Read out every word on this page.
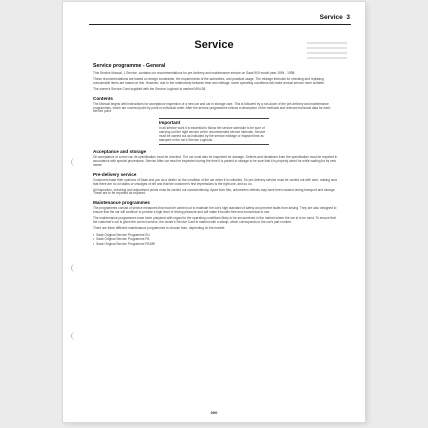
Service 3
Service
Service programme - General

This Service Manual, 1 Service, contains our recommendations for pre-delivery and maintenance service on Saab 900 model year 1994 - 1998.

These recommendations are based on design constraints, the requirements of the authorities, and practical usage. The mileage intervals for checking and replacing consumable items are based on this. However, due to the relationship between time and mileage, some operating conditions will make annual service more suitable.

The owner's Service Card supplied with the Service Logbook is marked M94-98.

Contents

The Manual begins with instructions for acceptance inspection of a new car and car in storage care. This is followed by a run-down of the pre-delivery and maintenance programmes, which are covered point by point in individual order. After the service programmes follows a description of the methods and relevant technical data for each service point.

Important

In all service work it is essential to follow the service schedule to be sure of carrying out the right service at the recommended service intervals. Service must be carried out as indicated by the service mileage or elapsed time as stamped in the car's Service Logbook.

Acceptance and storage

On acceptance of a new car, its specification must be checked. The car must also be inspected for damage. Defects and deviations from the specification must be reported in accordance with special procedures. Service After car must be inspected during the time it is parked in storage to be sure that it is properly cared for while waiting for its new owner.

Pre-delivery service

Customers base their opinions of Saab and you as a dealer on the condition of the car when it is collected. So pre-delivery service must be carried out with care, making sure that there are no oil stains or smudges of dirt and that the customer's first impressions is the right one, and so on.

All inspection, checking and adjustment points must be carried out conscientiously. Apart from this, unforeseen defects may have been caused during transport and storage. These are to be reported as required.

Maintenance programmes

The programmes consist of service measures that must be carried out to maintain the car's high standard of safety and prevent faults from arising. They are also designed to ensure that the car will continue to provide a high level of driving pleasure and will make it trouble-free and economical to use.

The maintenance programmes have been prepared with regard to the operating conditions likely to be encountered in the market where the car is to be used. To ensure that the customer's car is given the correct service, the owner's Service Card is marked with a stamp, which corresponds to the car's part number.

There are three different maintenance programmes to choose from, depending on the market.

• Saab Original Service Programme EU
• Saab Original Service Programme PA
• Saab Original Service Programme FE/ME
000
